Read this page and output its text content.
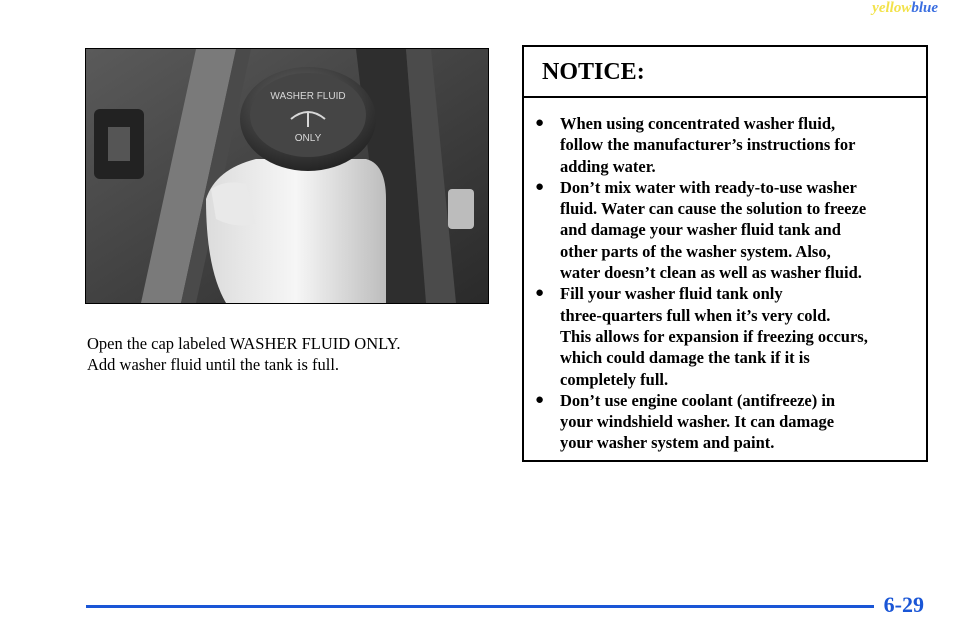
yellowblue
WASHER FLUID
ONLY
Open the cap labeled WASHER FLUID ONLY.
Add washer fluid until the tank is full.
NOTICE:
● When using concentrated washer fluid,
follow the manufacturer’s instructions for
adding water.
● Don’t mix water with ready-to-use washer
fluid. Water can cause the solution to freeze
and damage your washer fluid tank and
other parts of the washer system. Also,
water doesn’t clean as well as washer fluid.
● Fill your washer fluid tank only
three-quarters full when it’s very cold.
This allows for expansion if freezing occurs,
which could damage the tank if it is
completely full.
● Don’t use engine coolant (antifreeze) in
your windshield washer. It can damage
your washer system and paint.
6-29
